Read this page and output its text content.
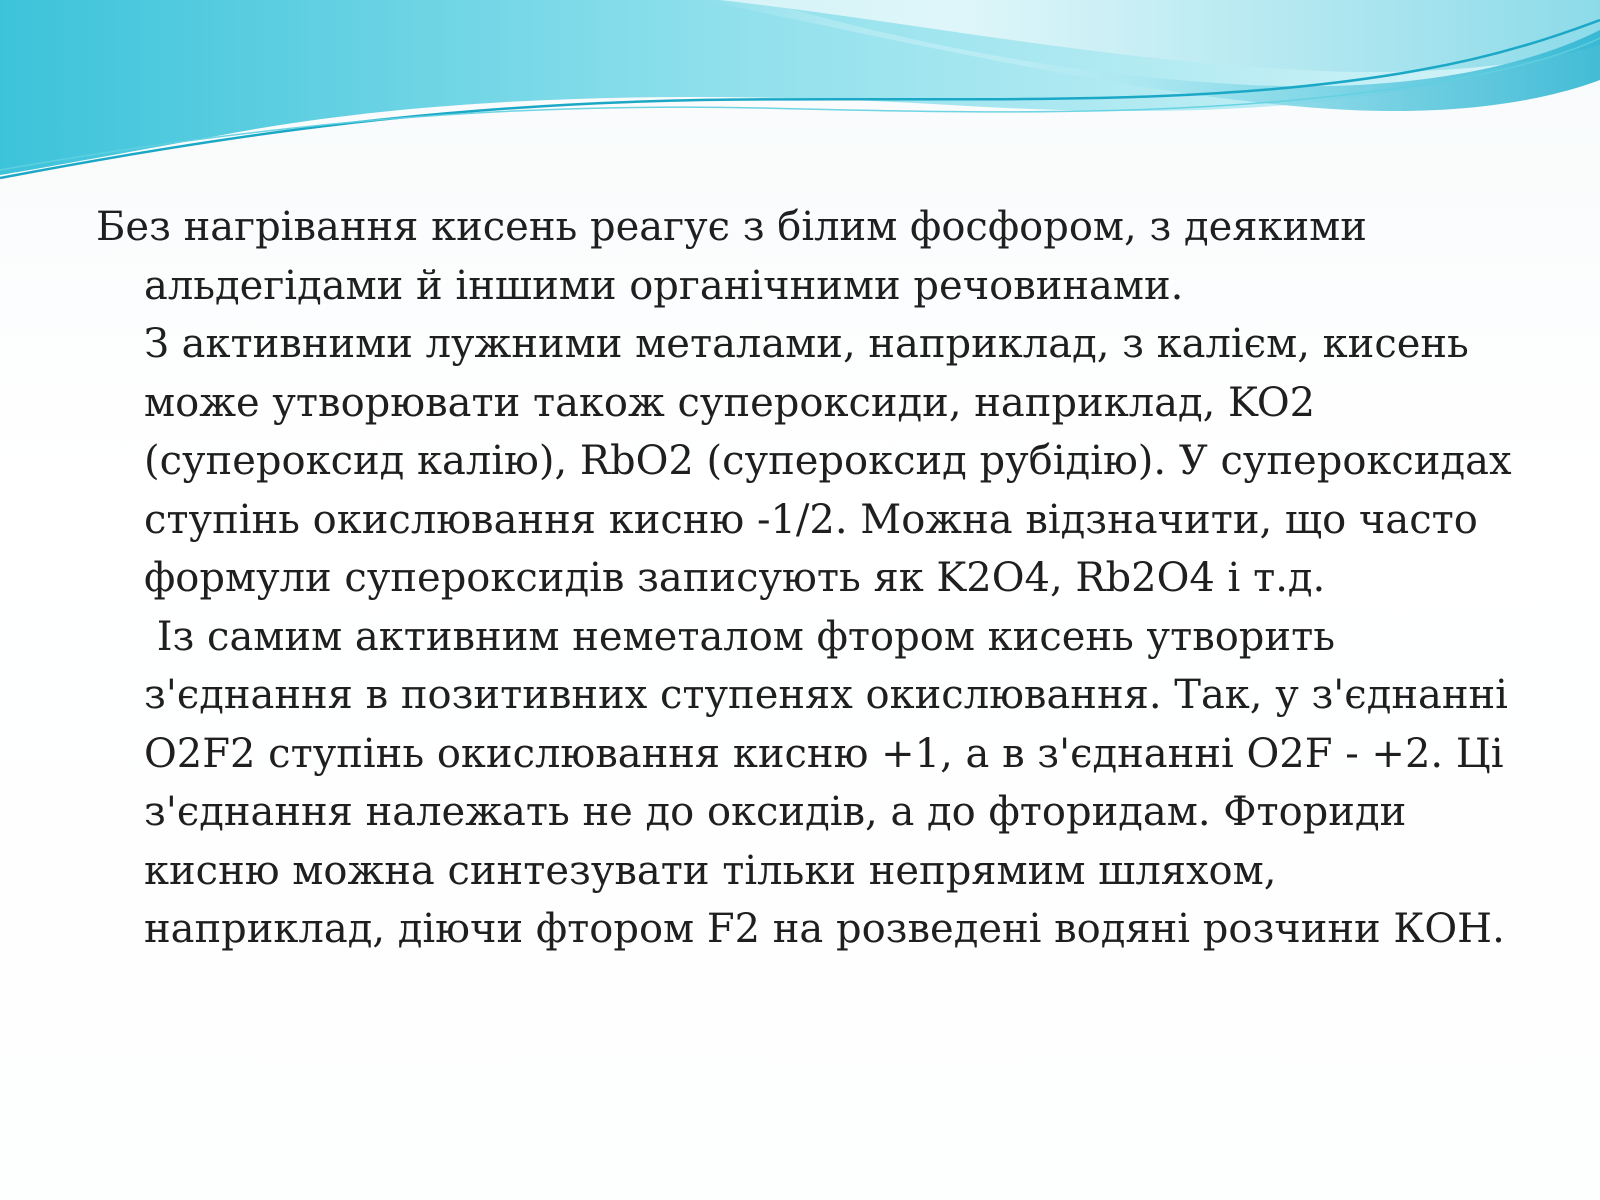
Без нагрівання кисень реагує з білим фосфором, з деякими альдегідами й іншими органічними речовинами.

З активними лужними металами, наприклад, з калієм, кисень може утворювати також супероксиди, наприклад, KO2 (супероксид калію), RbO2 (супероксид рубідію). У супероксидах ступінь окислювання кисню -1/2. Можна відзначити, що часто формули супероксидів записують як K2O4, Rb2O4 і т.д.

Із самим активним неметалом фтором кисень утворить з'єднання в позитивних ступенях окислювання. Так, у з'єднанні O2F2 ступінь окислювання кисню +1, а в з'єднанні O2F - +2. Ці з'єднання належать не до оксидів, а до фторидам. Фториди кисню можна синтезувати тільки непрямим шляхом, наприклад, діючи фтором F2 на розведені водяні розчини КОН.
